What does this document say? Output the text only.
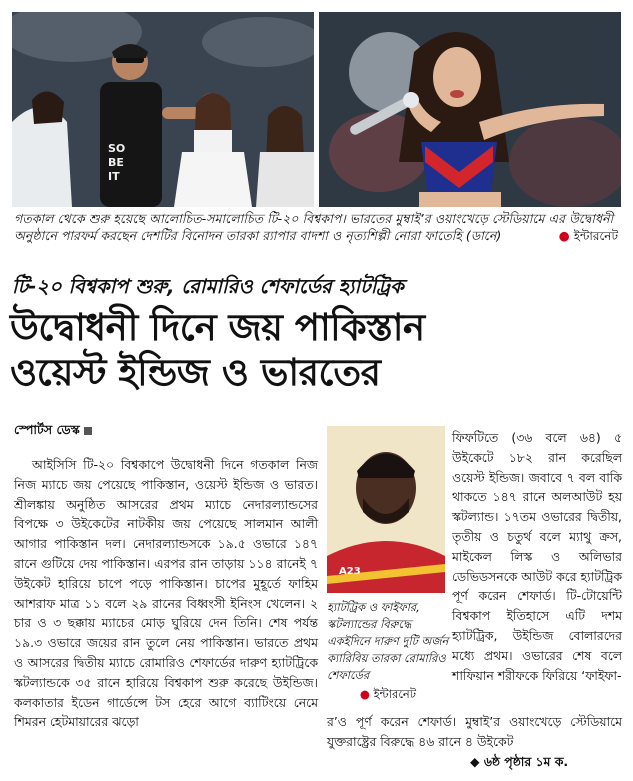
SO
BE
IT
গতকাল থেকে শুরু হয়েছে আলোচিত-সমালোচিত টি-২০ বিশ্বকাপ। ভারতের মুম্বাই’র ওয়াংখেড়ে স্টেডিয়ামে এর উদ্বোধনী অনুষ্ঠানে পারফর্ম করছেন দেশটির বিনোদন তারকা র‍্যাপার বাদশা ও নৃত্যশিল্পী নোরা ফাতেহি (ডানে)	● ইন্টারনেট
টি-২০ বিশ্বকাপ শুরু, রোমারিও শেফার্ডের হ্যাটট্রিক
উদ্বোধনী দিনে জয় পাকিস্তান
ওয়েস্ট ইন্ডিজ ও ভারতের
স্পোর্টস ডেস্ক
আইসিসি টি-২০ বিশ্বকাপে উদ্বোধনী দিনে গতকাল নিজ নিজ ম্যাচে জয় পেয়েছে পাকিস্তান, ওয়েস্ট ইন্ডিজ ও ভারত। শ্রীলঙ্কায় অনুষ্ঠিত আসরের প্রথম ম্যাচে নেদারল্যান্ডসের বিপক্ষে ৩ উইকেটের নাটকীয় জয় পেয়েছে সালমান আলী আগার পাকিস্তান দল। নেদারল্যান্ডসকে ১৯.৫ ওভারে ১৪৭ রানে গুটিয়ে দেয় পাকিস্তান। এরপর রান তাড়ায় ১১৪ রানেই ৭ উইকেট হারিয়ে চাপে পড়ে পাকিস্তান। চাপের মুহূর্তে ফাহিম আশরাফ মাত্র ১১ বলে ২৯ রানের বিধ্বংসী ইনিংস খেলেন। ২ চার ও ৩ ছক্কায় ম্যাচের মোড় ঘুরিয়ে দেন তিনি। শেষ পর্যন্ত ১৯.৩ ওভারে জয়ের রান তুলে নেয় পাকিস্তান। ভারতে প্রথম ও আসরের দ্বিতীয় ম্যাচে রোমারিও শেফার্ডের দারুণ হ্যাটট্রিকে স্কটল্যান্ডকে ৩৫ রানে হারিয়ে বিশ্বকাপ শুরু করেছে উইন্ডিজ। কলকাতার ইডেন গার্ডেন্সে টস হেরে আগে ব্যাটিংয়ে নেমে শিমরন হেটমায়ারের ঝড়ো
A23
হ্যাটট্রিক ও ফাইফার, স্কটল্যান্ডের বিরুদ্ধে একইদিনে দারুণ দুটি অর্জন ক্যারিবিয় তারকা রোমারিও শেফার্ডের
● ইন্টারনেট
ফিফটিতে (৩৬ বলে ৬৪) ৫ উইকেটে ১৮২ রান করেছিল ওয়েস্ট ইন্ডিজ। জবাবে ৭ বল বাকি থাকতে ১৪৭ রানে অলআউট হয় স্কটল্যান্ড। ১৭তম ওভারের দ্বিতীয়, তৃতীয় ও চতুর্থ বলে ম্যাথু ক্রস, মাইকেল লিস্ক ও অলিভার ডেভিডসনকে আউট করে হ্যাটট্রিক পূর্ণ করেন শেফার্ড। টি-টোয়েন্টি বিশ্বকাপ ইতিহাসে এটি দশম হ্যাটট্রিক, উইন্ডিজ বোলারদের মধ্যে প্রথম। ওভারের শেষ বলে শাফিয়ান শরীফকে ফিরিয়ে ‘ফাইফা-
র’ও পূর্ণ করেন শেফার্ড। মুম্বাই’র ওয়াংখেড়ে স্টেডিয়ামে যুক্তরাষ্ট্রের বিরুদ্ধে ৪৬ রানে ৪ উইকেট
◆ ৬ষ্ঠ পৃষ্ঠার ১ম ক.
